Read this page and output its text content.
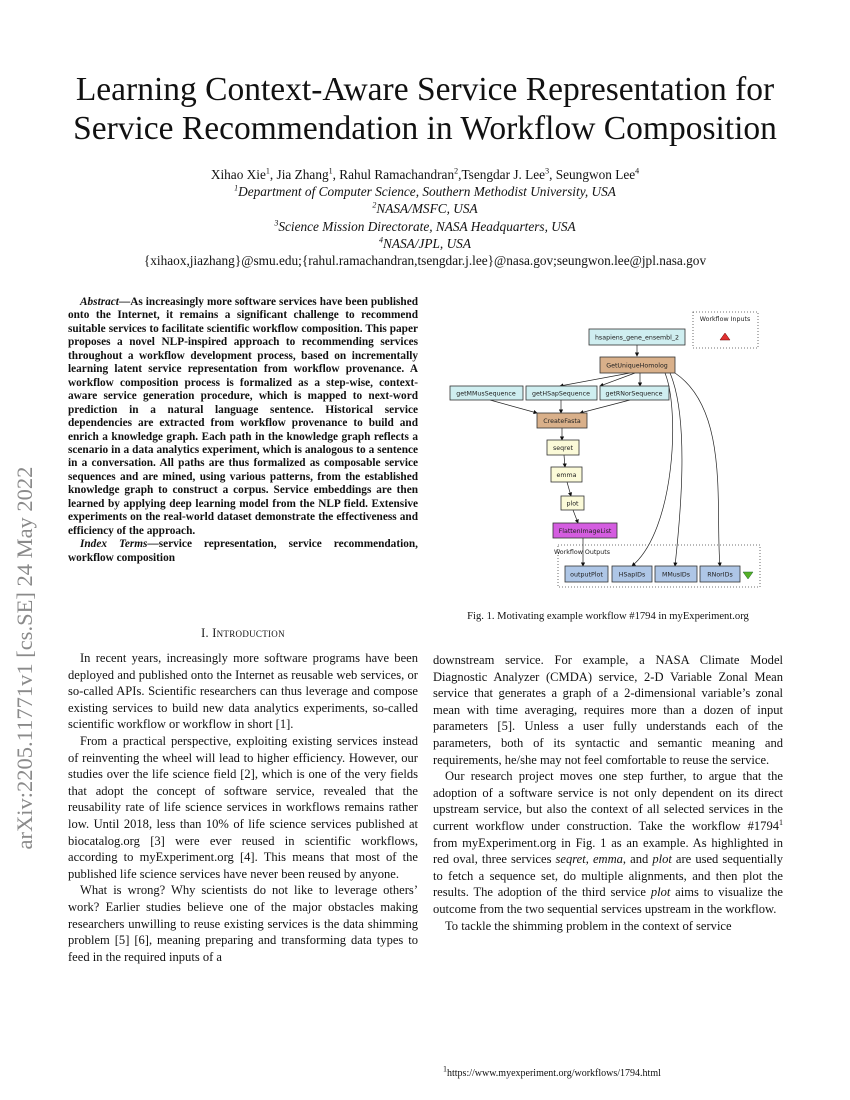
arXiv:2205.11771v1 [cs.SE] 24 May 2022
Learning Context-Aware Service Representation for
Service Recommendation in Workflow Composition
Xihao Xie$^1$, Jia Zhang$^1$, Rahul Ramachandran$^2$,Tsengdar J. Lee$^3$, Seungwon Lee$^4$
$^1$Department of Computer Science, Southern Methodist University, USA
$^2$NASA/MSFC, USA
$^3$Science Mission Directorate, NASA Headquarters, USA
$^4$NASA/JPL, USA
{xihaox,jiazhang}@smu.edu;{rahul.ramachandran,tsengdar.j.lee}@nasa.gov;seungwon.lee@jpl.nasa.gov

Abstract—As increasingly more software services have been published onto the Internet, it remains a significant challenge to recommend suitable services to facilitate scientific workflow composition. This paper proposes a novel NLP-inspired approach to recommending services throughout a workflow development process, based on incrementally learning latent service representation from workflow provenance. A workflow composition process is formalized as a step-wise, context-aware service generation procedure, which is mapped to next-word prediction in a natural language sentence. Historical service dependencies are extracted from workflow provenance to build and enrich a knowledge graph. Each path in the knowledge graph reflects a scenario in a data analytics experiment, which is analogous to a sentence in a conversation. All paths are thus formalized as composable service sequences and are mined, using various patterns, from the established knowledge graph to construct a corpus. Service embeddings are then learned by applying deep learning model from the NLP field. Extensive experiments on the real-world dataset demonstrate the effectiveness and efficiency of the approach.

Index Terms—service representation, service recommendation, workflow composition

I. Introduction

In recent years, increasingly more software programs have been deployed and published onto the Internet as reusable web services, or so-called APIs. Scientific researchers can thus leverage and compose existing services to build new data analytics experiments, so-called scientific workflow or workflow in short [1].

From a practical perspective, exploiting existing services instead of reinventing the wheel will lead to higher efficiency. However, our studies over the life science field [2], which is one of the very fields that adopt the concept of software service, revealed that the reusability rate of life science services in workflows remains rather low. Until 2018, less than 10% of life science services published at biocatalog.org [3] were ever reused in scientific workflows, according to myExperiment.org [4]. This means that most of the published life science services have never been reused by anyone.

What is wrong? Why scientists do not like to leverage others’ work? Earlier studies believe one of the major obstacles making researchers unwilling to reuse existing services is the data shimming problem [5] [6], meaning preparing and transforming data types to feed in the required inputs of a

Workflow Inputs
Workflow Outputs
hsapiens_gene_ensembl_2
GetUniqueHomolog
getMMusSequence	getHSapSequence getRNorSequence
CreateFasta
seqret
emma
plot
FlattenImageList
outputPlot	HSapIDs	MMusIDs	RNorIDs
Fig. 1. Motivating example workflow #1794 in myExperiment.org

downstream service. For example, a NASA Climate Model Diagnostic Analyzer (CMDA) service, 2-D Variable Zonal Mean service that generates a graph of a 2-dimensional variable’s zonal mean with time averaging, requires more than a dozen of input parameters [5]. Unless a user fully understands each of the parameters, both of its syntactic and semantic meaning and requirements, he/she may not feel comfortable to reuse the service.

Our research project moves one step further, to argue that the adoption of a software service is not only dependent on its direct upstream service, but also the context of all selected services in the current workflow under construction. Take the workflow #1794$^1$ from myExperiment.org in Fig. 1 as an example. As highlighted in red oval, three services seqret, emma, and plot are used sequentially to fetch a sequence set, do multiple alignments, and then plot the results. The adoption of the third service plot aims to visualize the outcome from the two sequential services upstream in the workflow.

To tackle the shimming problem in the context of service

$^1$https://www.myexperiment.org/workflows/1794.html
